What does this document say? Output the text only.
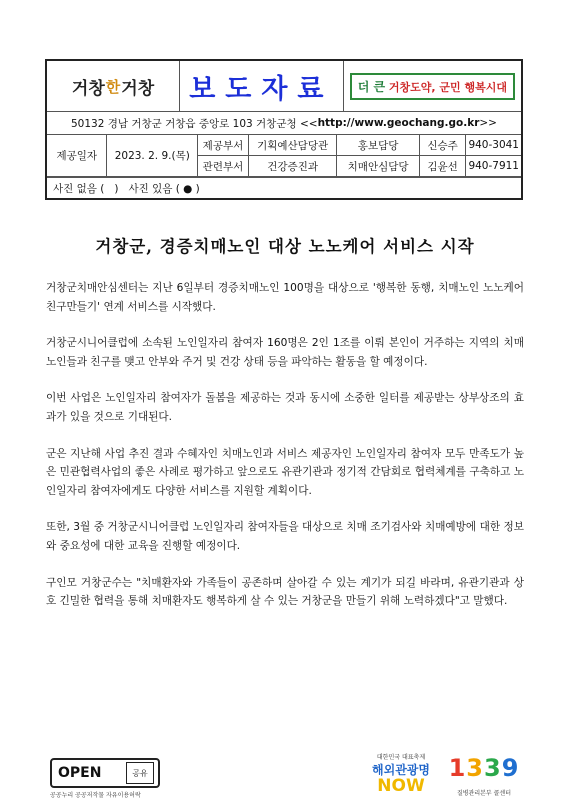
거창 한 거창	보도자료	더 큰 거창도약, 군민 행복시대
50132 경남 거창군 거창읍 중앙로 103 거창군청 << http://www.geochang.go.kr >>
제공일자	2023. 2. 9.(목)	제공부서	기획예산담당관	홍보담당	신승주	940-3041
		관련부서	건강증진과	치매안심담당	김윤선	940-7911
사진 없음 (   )   사진 있음 ( ● )
거창군, 경증치매노인 대상 노노케어 서비스 시작

거창군치매안심센터는 지난 6일부터 경증치매노인 100명을 대상으로 '행복한 동행, 치매노인 노노케어 친구만들기' 연계 서비스를 시작했다.

거창군시니어클럽에 소속된 노인일자리 참여자 160명은 2인 1조를 이뤄 본인이 거주하는 지역의 치매노인들과 친구를 맺고 안부와 주거 및 건강 상태 등을 파악하는 활동을 할 예정이다.

이번 사업은 노인일자리 참여자가 돌봄을 제공하는 것과 동시에 소중한 일터를 제공받는 상부상조의 효과가 있을 것으로 기대된다.

군은 지난해 사업 추진 결과 수혜자인 치매노인과 서비스 제공자인 노인일자리 참여자 모두 만족도가 높은 민관협력사업의 좋은 사례로 평가하고 앞으로도 유관기관과 정기적 간담회로 협력체계를 구축하고 노인일자리 참여자에게도 다양한 서비스를 지원할 계획이다.

또한, 3월 중 거창군시니어클럽 노인일자리 참여자들을 대상으로 치매 조기검사와 치매예방에 대한 정보와 중요성에 대한 교육을 진행할 예정이다.

구인모 거창군수는 "치매환자와 가족들이 공존하며 살아갈 수 있는 계기가 되길 바라며, 유관기관과 상호 긴밀한 협력을 통해 치매환자도 행복하게 살 수 있는 거창군을 만들기 위해 노력하겠다"고 말했다.

OPEN	공유
공공누리 공공저작물 자유이용허락
대한민국 대표축제
해외관광명
NOW
1339
질병관리본부 콜센터
